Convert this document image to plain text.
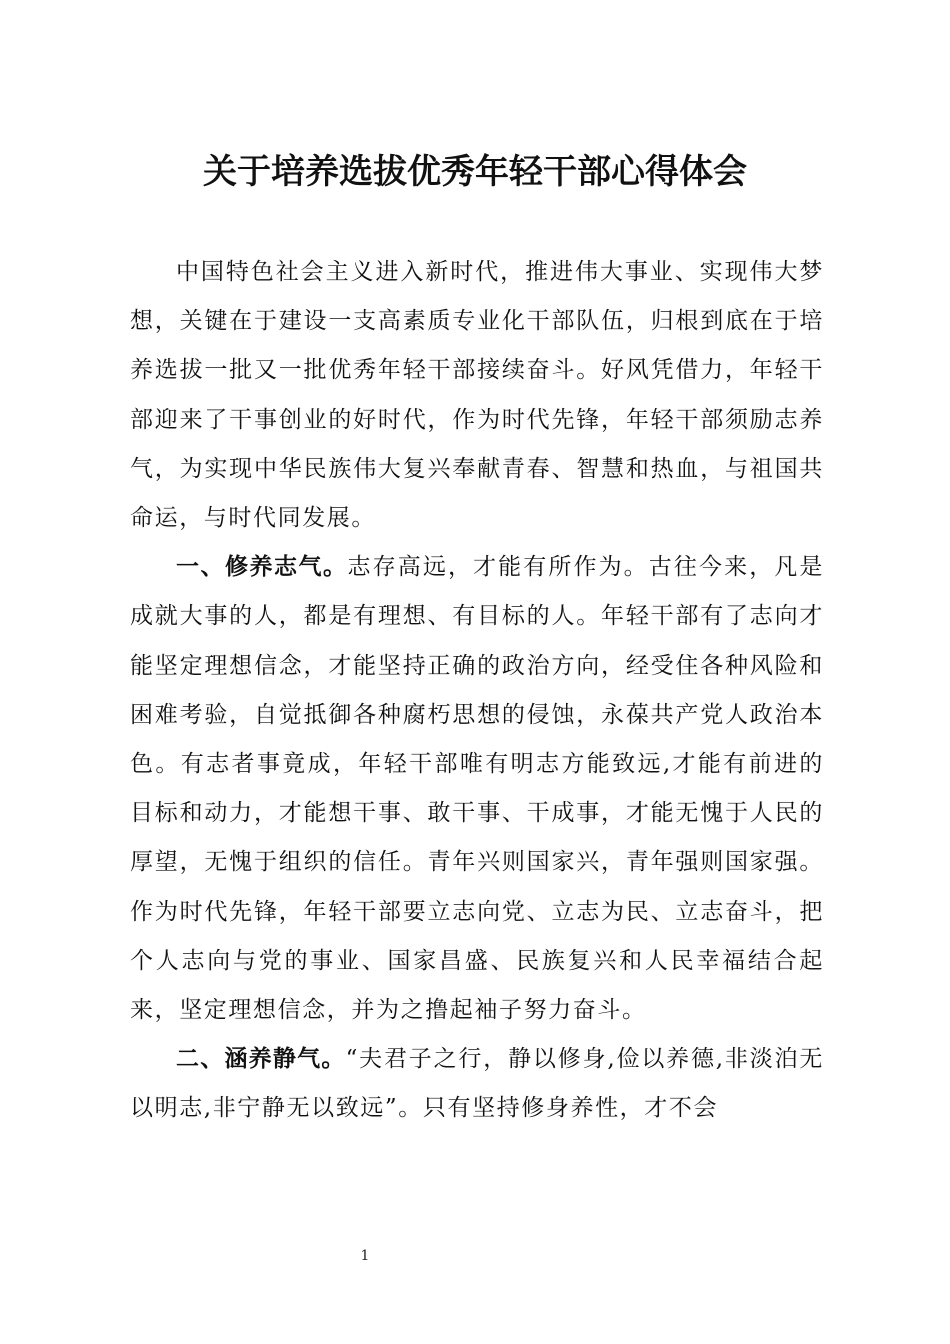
关于培养选拔优秀年轻干部心得体会

中国特色社会主义进入新时代，推进伟大事业、实现伟大梦想，关键在于建设一支高素质专业化干部队伍，归根到底在于培养选拔一批又一批优秀年轻干部接续奋斗。好风凭借力，年轻干部迎来了干事创业的好时代，作为时代先锋，年轻干部须励志养气，为实现中华民族伟大复兴奉献青春、智慧和热血，与祖国共命运，与时代同发展。

一、修养志气。志存高远，才能有所作为。古往今来，凡是成就大事的人，都是有理想、有目标的人。年轻干部有了志向才能坚定理想信念，才能坚持正确的政治方向，经受住各种风险和困难考验，自觉抵御各种腐朽思想的侵蚀，永葆共产党人政治本色。有志者事竟成，年轻干部唯有明志方能致远,才能有前进的目标和动力，才能想干事、敢干事、干成事，才能无愧于人民的厚望，无愧于组织的信任。青年兴则国家兴，青年强则国家强。作为时代先锋，年轻干部要立志向党、立志为民、立志奋斗，把个人志向与党的事业、国家昌盛、民族复兴和人民幸福结合起来，坚定理想信念，并为之撸起袖子努力奋斗。

二、涵养静气。“夫君子之行，静以修身,俭以养德,非淡泊无以明志,非宁静无以致远”。只有坚持修身养性，才不会

1
